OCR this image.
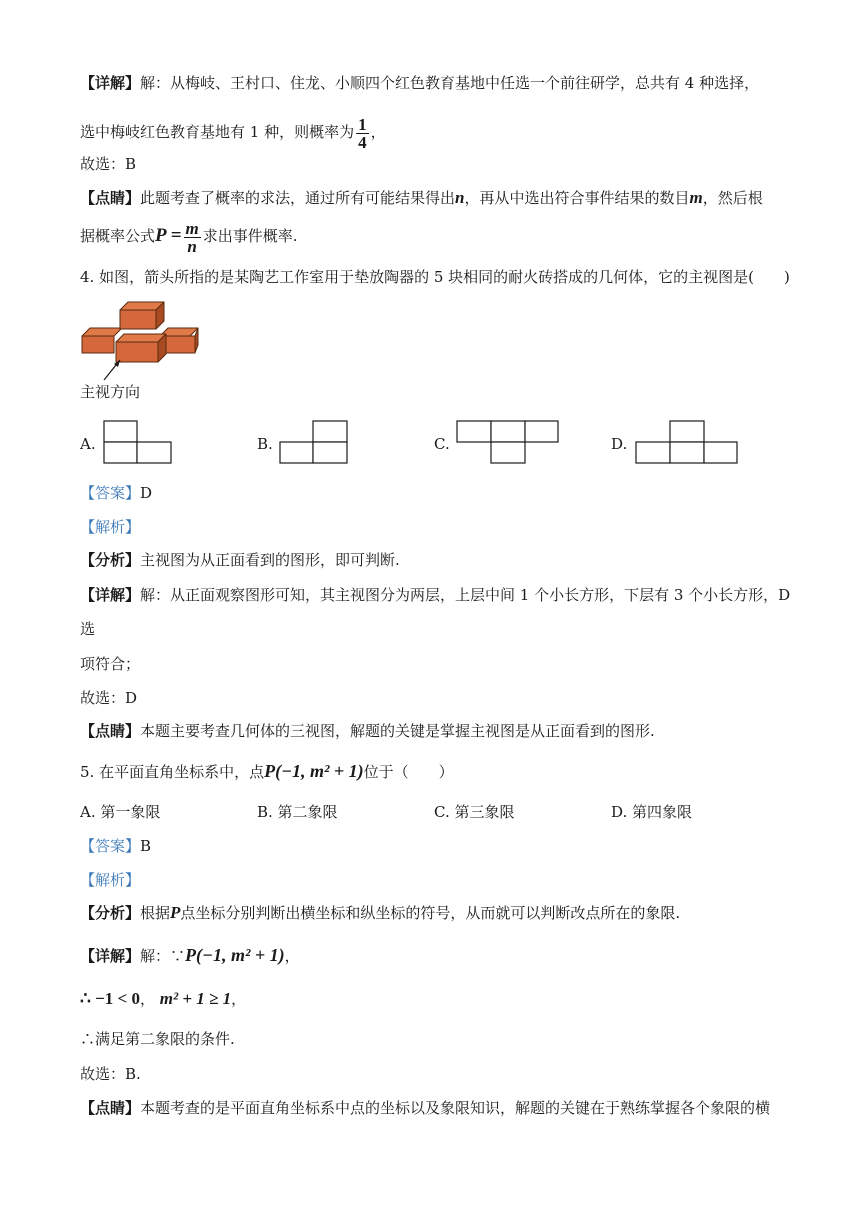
【详解】解：从梅岐、王村口、住龙、小顺四个红色教育基地中任选一个前往研学，总共有 4 种选择，
选中梅岐红色教育基地有 1 种，则概率为 $\frac{1}{4}$ ，
故选：B
【点睛】此题考查了概率的求法，通过所有可能结果得出n，再从中选出符合事件结果的数目m，然后根
据概率公式$P = \frac{m}{n}$ 求出事件概率.
4. 如图，箭头所指的是某陶艺工作室用于垫放陶器的 5 块相同的耐火砖搭成的几何体，它的主视图是(　　)
主视方向
A.	B.	C.	D.
【答案】D
【解析】
【分析】主视图为从正面看到的图形，即可判断.
【详解】解：从正面观察图形可知，其主视图分为两层，上层中间 1 个小长方形，下层有 3 个小长方形，D
选
项符合；
故选：D
【点睛】本题主要考查几何体的三视图，解题的关键是掌握主视图是从正面看到的图形.
5. 在平面直角坐标系中，点P(−1, m² + 1)位于（　　）
A. 第一象限	B. 第二象限	C. 第三象限	D. 第四象限
【答案】B
【解析】
【分析】根据P点坐标分别判断出横坐标和纵坐标的符号，从而就可以判断改点所在的象限.
【详解】解：∵P(−1, m² + 1)，
∴ −1 < 0， m² + 1 ≥ 1，
∴满足第二象限的条件.
故选：B.
【点睛】本题考查的是平面直角坐标系中点的坐标以及象限知识，解题的关键在于熟练掌握各个象限的横
